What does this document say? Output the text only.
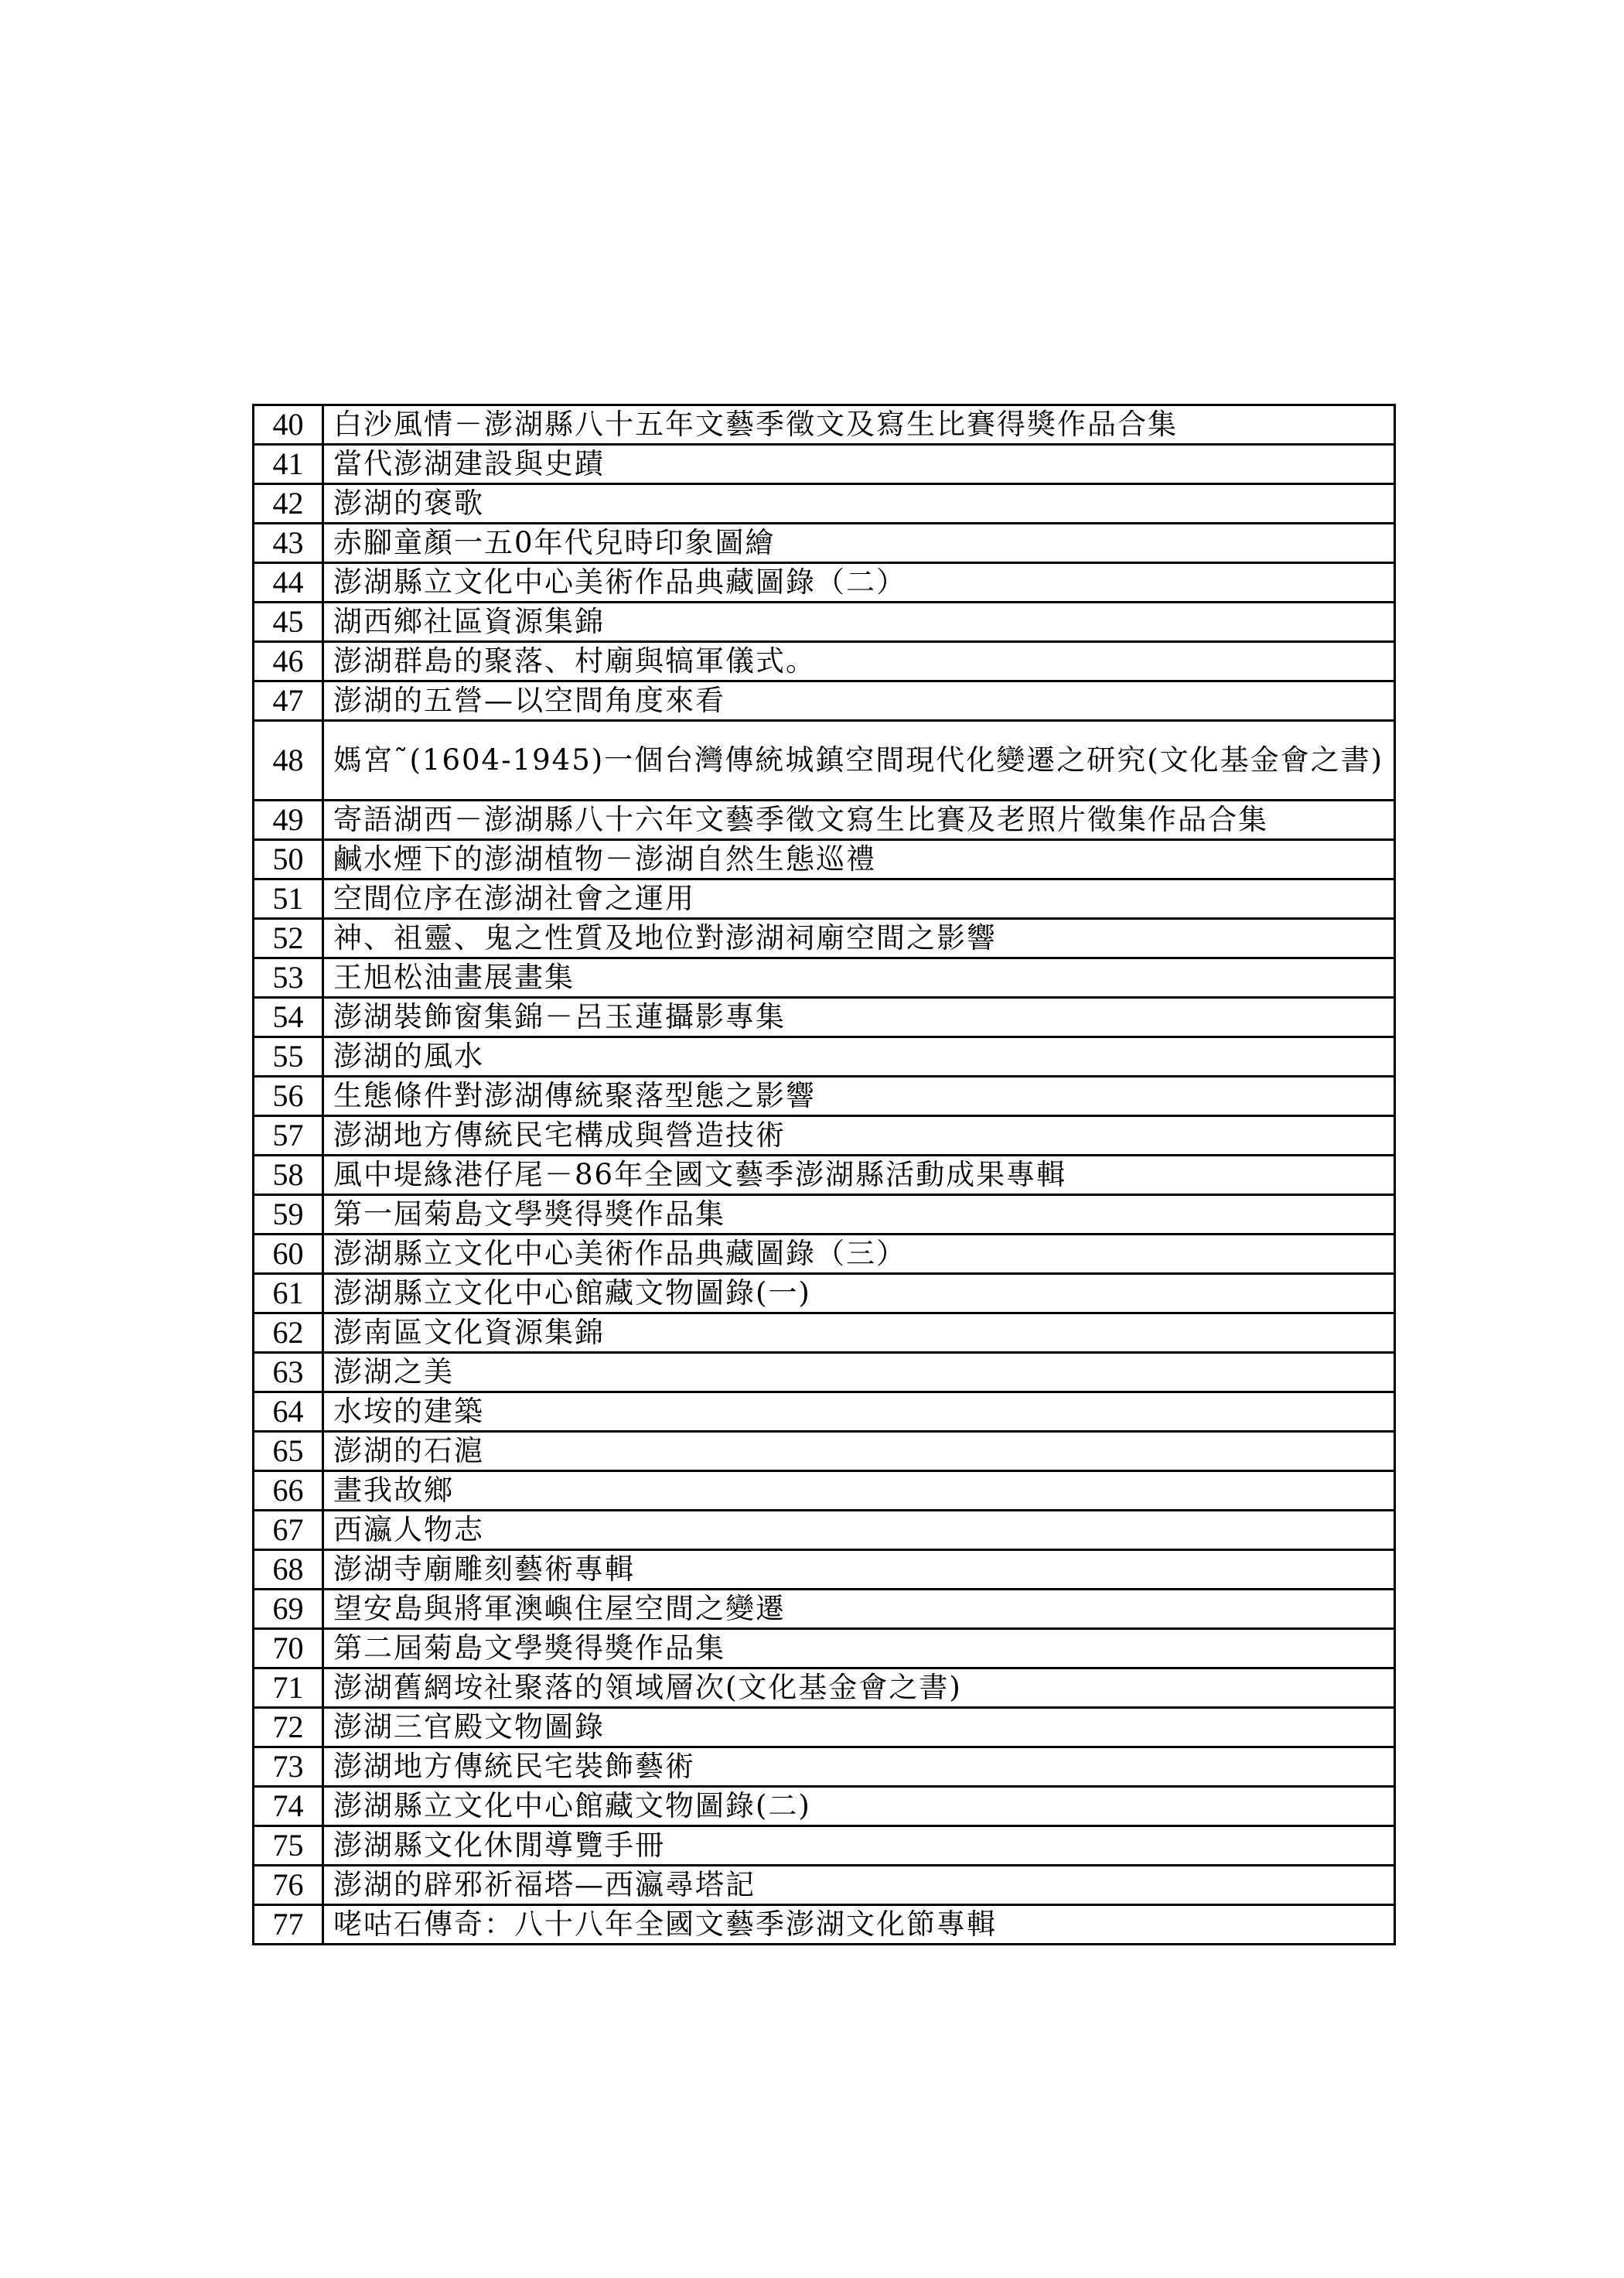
40	白沙風情－澎湖縣八十五年文藝季徵文及寫生比賽得獎作品合集
41	當代澎湖建設與史蹟
42	澎湖的褒歌
43	赤腳童顏一五0年代兒時印象圖繪
44	澎湖縣立文化中心美術作品典藏圖錄（二）
45	湖西鄉社區資源集錦
46	澎湖群島的聚落、村廟與犒軍儀式。
47	澎湖的五營—以空間角度來看
48	媽宮˜(1604-1945)一個台灣傳統城鎮空間現代化變遷之研究(文化基金會之書)
49	寄語湖西－澎湖縣八十六年文藝季徵文寫生比賽及老照片徵集作品合集
50	鹹水煙下的澎湖植物－澎湖自然生態巡禮
51	空間位序在澎湖社會之運用
52	神、祖靈、鬼之性質及地位對澎湖祠廟空間之影響
53	王旭松油畫展畫集
54	澎湖裝飾窗集錦－呂玉蓮攝影專集
55	澎湖的風水
56	生態條件對澎湖傳統聚落型態之影響
57	澎湖地方傳統民宅構成與營造技術
58	風中堤緣港仔尾－86年全國文藝季澎湖縣活動成果專輯
59	第一屆菊島文學獎得獎作品集
60	澎湖縣立文化中心美術作品典藏圖錄（三）
61	澎湖縣立文化中心館藏文物圖錄(一)
62	澎南區文化資源集錦
63	澎湖之美
64	水垵的建築
65	澎湖的石滬
66	畫我故鄉
67	西瀛人物志
68	澎湖寺廟雕刻藝術專輯
69	望安島與將軍澳嶼住屋空間之變遷
70	第二屆菊島文學獎得獎作品集
71	澎湖舊網垵社聚落的領域層次(文化基金會之書)
72	澎湖三官殿文物圖錄
73	澎湖地方傳統民宅裝飾藝術
74	澎湖縣立文化中心館藏文物圖錄(二)
75	澎湖縣文化休閒導覽手冊
76	澎湖的辟邪祈福塔—西瀛尋塔記
77	咾咕石傳奇：八十八年全國文藝季澎湖文化節專輯
